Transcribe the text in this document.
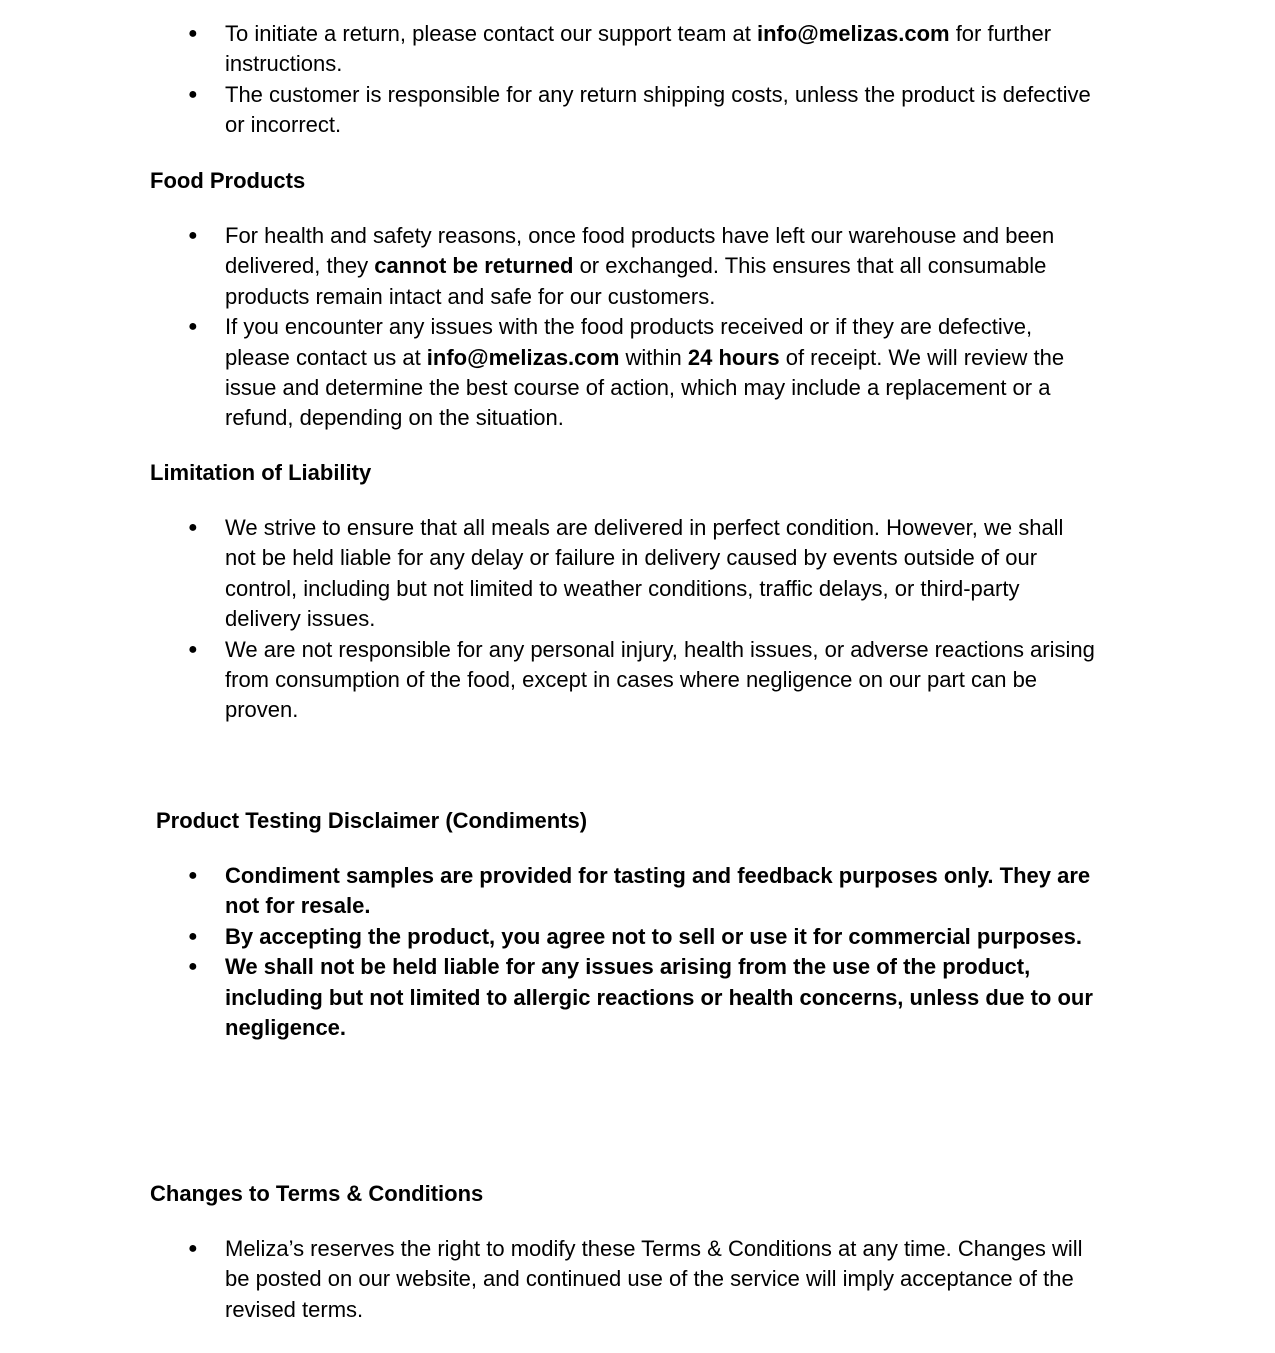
●	To initiate a return, please contact our support team at info@melizas.com for further instructions.
●	The customer is responsible for any return shipping costs, unless the product is defective or incorrect.
Food Products
●	For health and safety reasons, once food products have left our warehouse and been delivered, they cannot be returned or exchanged. This ensures that all consumable products remain intact and safe for our customers.
●	If you encounter any issues with the food products received or if they are defective, please contact us at info@melizas.com within 24 hours of receipt. We will review the issue and determine the best course of action, which may include a replacement or a refund, depending on the situation.
Limitation of Liability
●	We strive to ensure that all meals are delivered in perfect condition. However, we shall not be held liable for any delay or failure in delivery caused by events outside of our control, including but not limited to weather conditions, traffic delays, or third-party delivery issues.
●	We are not responsible for any personal injury, health issues, or adverse reactions arising from consumption of the food, except in cases where negligence on our part can be proven.
Product Testing Disclaimer (Condiments)
●	Condiment samples are provided for tasting and feedback purposes only. They are not for resale.
●	By accepting the product, you agree not to sell or use it for commercial purposes.
●	We shall not be held liable for any issues arising from the use of the product, including but not limited to allergic reactions or health concerns, unless due to our negligence.
Changes to Terms & Conditions
●	Meliza’s reserves the right to modify these Terms & Conditions at any time. Changes will be posted on our website, and continued use of the service will imply acceptance of the revised terms.
